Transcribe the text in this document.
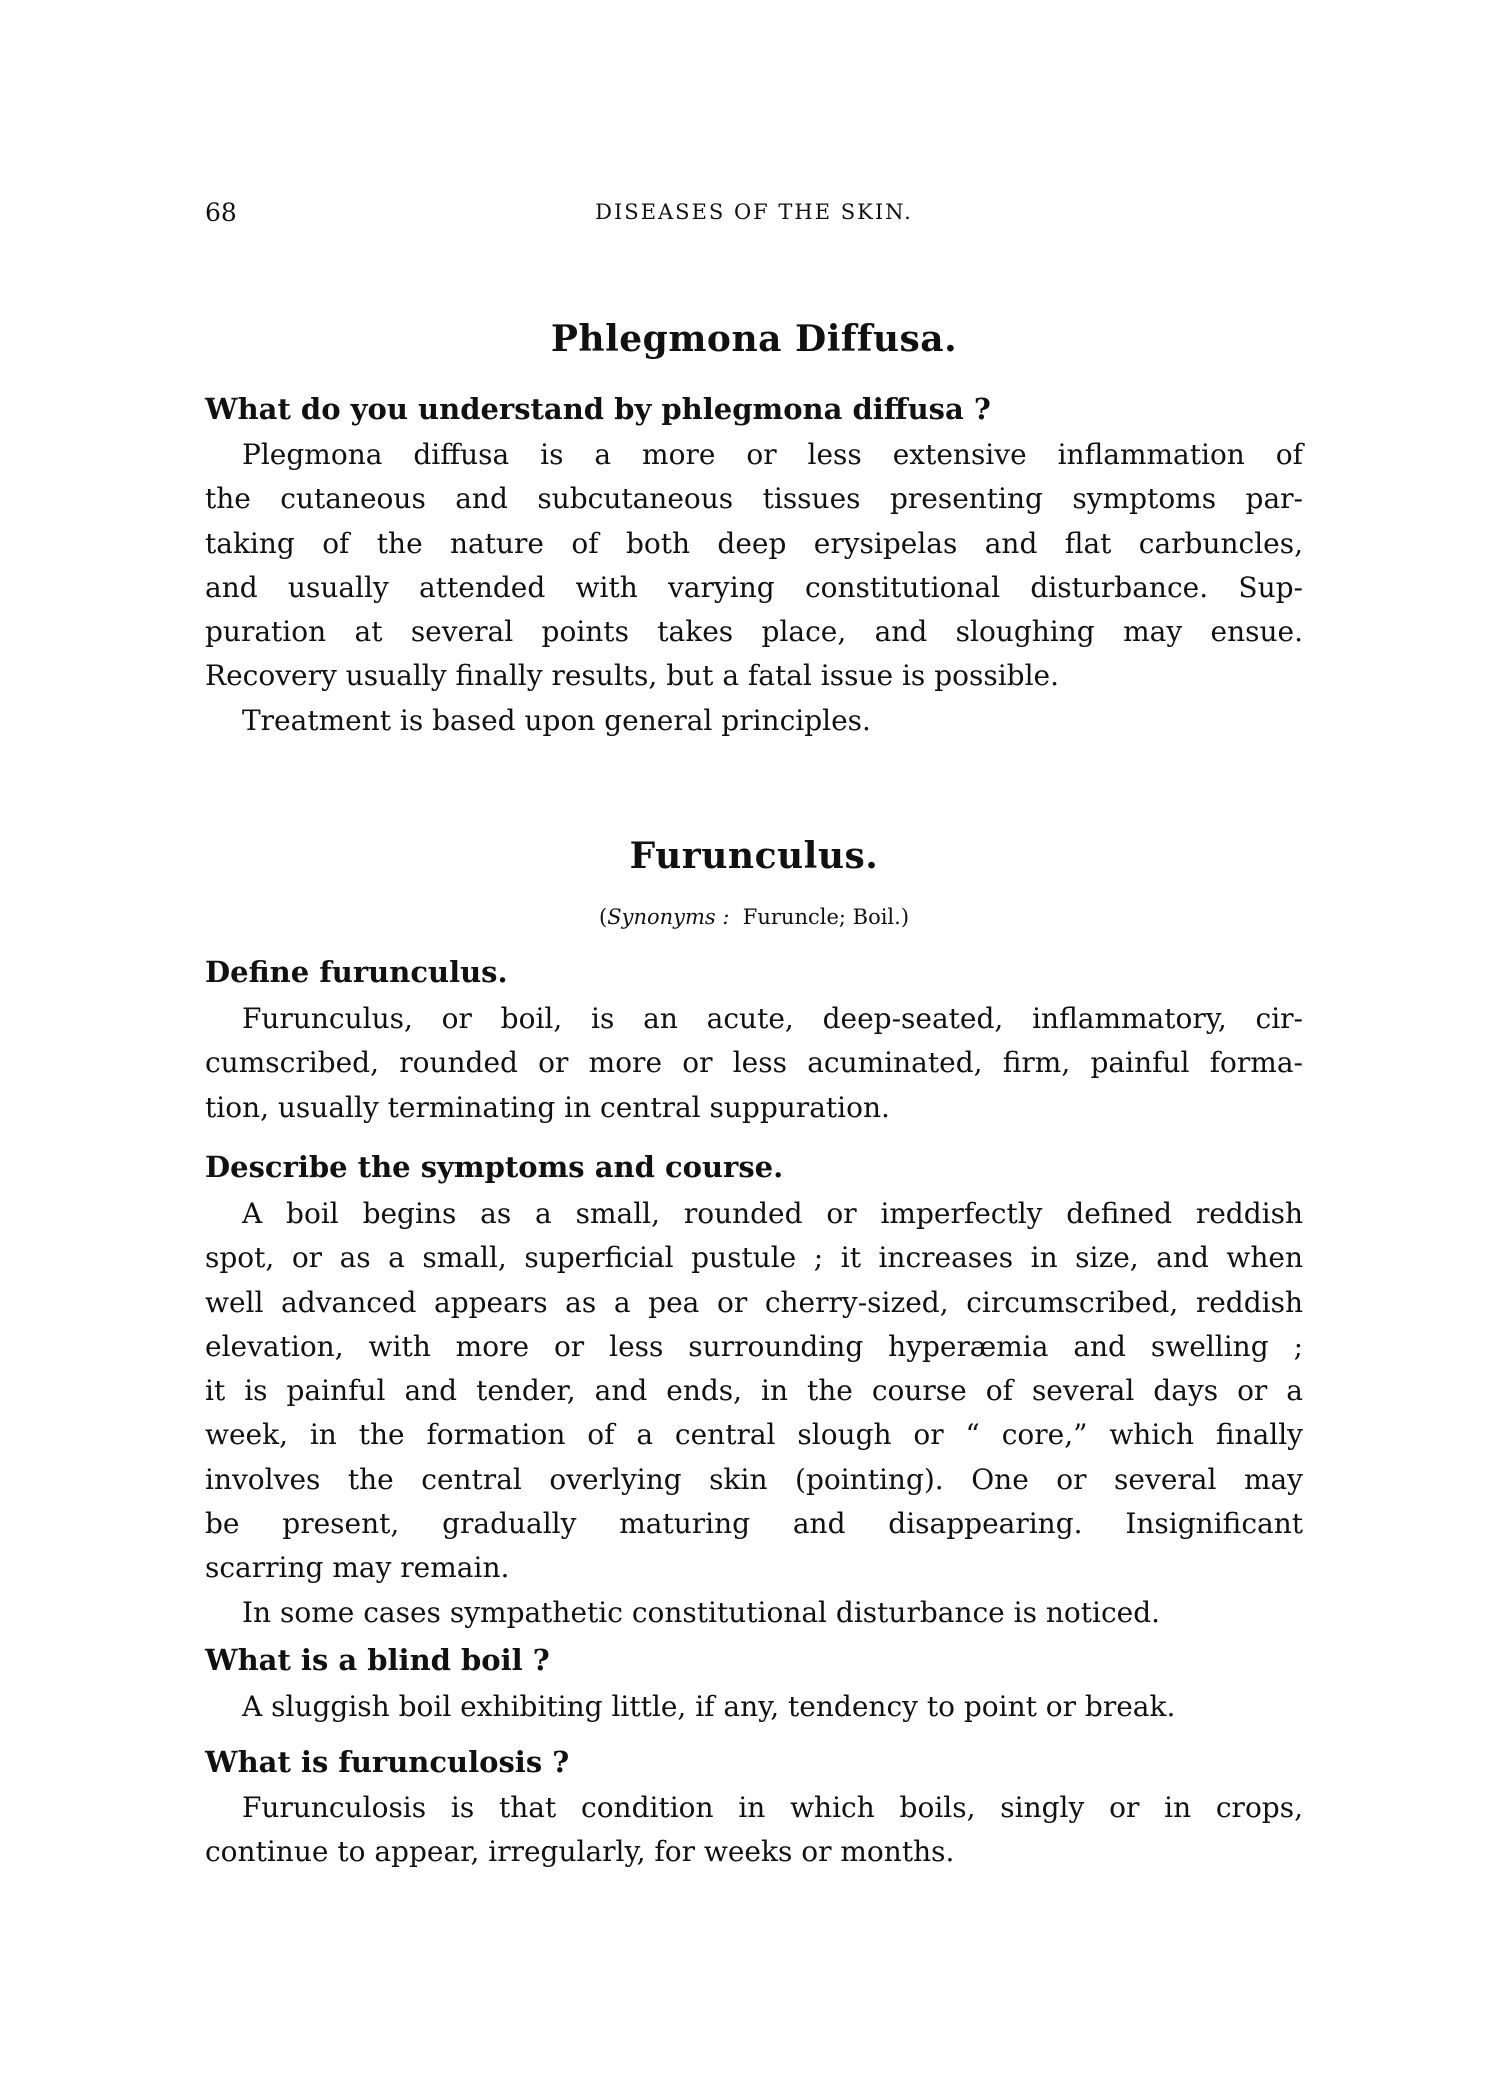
68	DISEASES OF THE SKIN.
Phlegmona Diffusa.
What do you understand by phlegmona diffusa ?
Plegmona diffusa is a more or less extensive inflammation of
the cutaneous and subcutaneous tissues presenting symptoms par-
taking of the nature of both deep erysipelas and flat carbuncles,
and usually attended with varying constitutional disturbance. Sup-
puration at several points takes place, and sloughing may ensue.
Recovery usually finally results, but a fatal issue is possible.
Treatment is based upon general principles.
Furunculus.
(Synonyms : Furuncle; Boil.)
Define furunculus.
Furunculus, or boil, is an acute, deep-seated, inflammatory, cir-
cumscribed, rounded or more or less acuminated, firm, painful forma-
tion, usually terminating in central suppuration.
Describe the symptoms and course.
A boil begins as a small, rounded or imperfectly defined reddish
spot, or as a small, superficial pustule ; it increases in size, and when
well advanced appears as a pea or cherry-sized, circumscribed, reddish
elevation, with more or less surrounding hyperæmia and swelling ;
it is painful and tender, and ends, in the course of several days or a
week, in the formation of a central slough or “ core,” which finally
involves the central overlying skin (pointing). One or several may
be present, gradually maturing and disappearing. Insignificant
scarring may remain.
In some cases sympathetic constitutional disturbance is noticed.
What is a blind boil ?
A sluggish boil exhibiting little, if any, tendency to point or break.
What is furunculosis ?
Furunculosis is that condition in which boils, singly or in crops,
continue to appear, irregularly, for weeks or months.
